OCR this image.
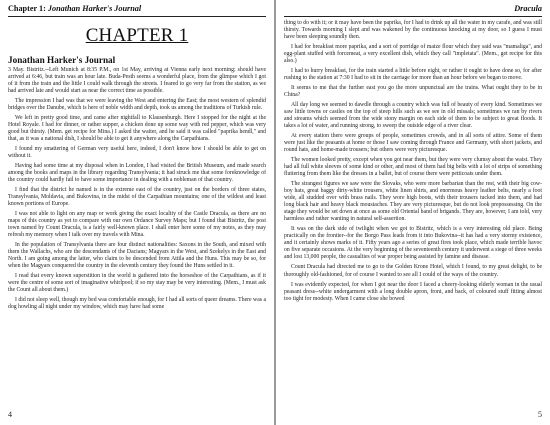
Chapter 1: Jonathan Harker's Journal
CHAPTER 1
Jonathan Harker's Journal

3 May. Bistritz.--Left Munich at 8:35 P.M., on 1st May, arriving at Vienna early next morning; should have arrived at 6:46, but train was an hour late. Buda-Pesth seems a wonderful place, from the glimpse which I got of it from the train and the little I could walk through the streets. I feared to go very far from the station, as we had arrived late and would start as near the correct time as possible.

The impression I had was that we were leaving the West and entering the East; the most western of splendid bridges over the Danube, which is here of noble width and depth, took us among the traditions of Turkish rule.

We left in pretty good time, and came after nightfall to Klausenburgh. Here I stopped for the night at the Hotel Royale. I had for dinner, or rather supper, a chicken done up some way with red pepper, which was very good but thirsty. (Mem. get recipe for Mina.) I asked the waiter, and he said it was called "paprika hendl," and that, as it was a national dish, I should be able to get it anywhere along the Carpathians.

I found my smattering of German very useful here, indeed, I don't know how I should be able to get on without it.

Having had some time at my disposal when in London, I had visited the British Museum, and made search among the books and maps in the library regarding Transylvania; it had struck me that some foreknowledge of the country could hardly fail to have some importance in dealing with a nobleman of that country.

I find that the district he named is in the extreme east of the country, just on the borders of three states, Transylvania, Moldavia, and Bukovina, in the midst of the Carpathian mountains; one of the wildest and least known portions of Europe.

I was not able to light on any map or work giving the exact locality of the Castle Dracula, as there are no maps of this country as yet to compare with our own Ordance Survey Maps; but I found that Bistritz, the post town named by Count Dracula, is a fairly well-known place. I shall enter here some of my notes, as they may refresh my memory when I talk over my travels with Mina.

In the population of Transylvania there are four distinct nationalities: Saxons in the South, and mixed with them the Wallachs, who are the descendants of the Dacians; Magyars in the West, and Szekelys in the East and North. I am going among the latter, who claim to be descended from Attila and the Huns. This may be so, for when the Magyars conquered the country in the eleventh century they found the Huns settled in it.

I read that every known superstition in the world is gathered into the horseshoe of the Carpathians, as if it were the centre of some sort of imaginative whirlpool; if so my stay may be very interesting. (Mem., I must ask the Count all about them.)

I did not sleep well, though my bed was comfortable enough, for I had all sorts of queer dreams. There was a dog howling all night under my window, which may have had some

4
Dracula

thing to do with it; or it may have been the paprika, for I had to drink up all the water in my carafe, and was still thirsty. Towards morning I slept and was wakened by the continuous knocking at my door, so I guess I must have been sleeping soundly then.

I had for breakfast more paprika, and a sort of porridge of maize flour which they said was "mamaliga", and egg-plant stuffed with forcemeat, a very excellent dish, which they call "impletata". (Mem., get recipe for this also.)

I had to hurry breakfast, for the train started a little before eight, or rather it ought to have done so, for after rushing to the station at 7:30 I had to sit in the carriage for more than an hour before we began to move.

It seems to me that the further east you go the more unpunctual are the trains. What ought they to be in China?

All day long we seemed to dawdle through a country which was full of beauty of every kind. Sometimes we saw little towns or castles on the top of steep hills such as we see in old missals; sometimes we ran by rivers and streams which seemed from the wide stony margin on each side of them to be subject to great floods. It takes a lot of water, and running strong, to sweep the outside edge of a river clear.

At every station there were groups of people, sometimes crowds, and in all sorts of attire. Some of them were just like the peasants at home or those I saw coming through France and Germany, with short jackets, and round hats, and home-made trousers; but others were very picturesque.

The women looked pretty, except when you got near them, but they were very clumsy about the waist. They had all full white sleeves of some kind or other, and most of them had big belts with a lot of strips of something fluttering from them like the dresses in a ballet, but of course there were petticoats under them.

The strangest figures we saw were the Slovaks, who were more barbarian than the rest, with their big cow-boy hats, great baggy dirty-white trousers, white linen shirts, and enormous heavy leather belts, nearly a foot wide, all studded over with brass nails. They wore high boots, with their trousers tucked into them, and had long black hair and heavy black moustaches. They are very picturesque, but do not look prepossessing. On the stage they would be set down at once as some old Oriental band of brigands. They are, however, I am told, very harmless and rather wanting in natural self-assertion.

It was on the dark side of twilight when we got to Bistritz, which is a very interesting old place. Being practically on the frontier--for the Borgo Pass leads from it into Bukovina--it has had a very stormy existence, and it certainly shows marks of it. Fifty years ago a series of great fires took place, which made terrible havoc on five separate occasions. At the very beginning of the seventeenth century it underwent a siege of three weeks and lost 13,000 people, the casualties of war proper being assisted by famine and disease.

Count Dracula had directed me to go to the Golden Krone Hotel, which I found, to my great delight, to be thoroughly old-fashioned, for of course I wanted to see all I could of the ways of the country.

I was evidently expected, for when I got near the door I faced a cheery-looking elderly woman in the usual peasant dress--white undergarment with a long double apron, front, and back, of coloured stuff fitting almost too tight for modesty. When I came close she bowed

5
